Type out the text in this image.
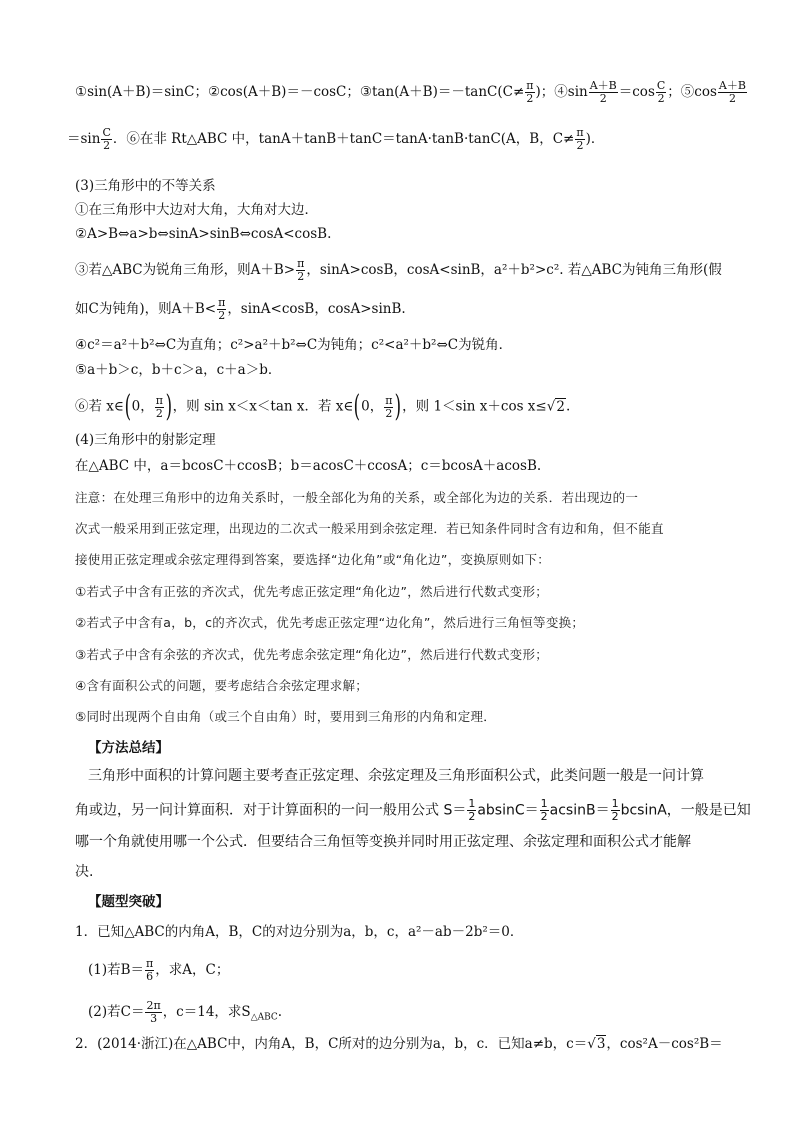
①sin(A＋B)＝sinC；②cos(A＋B)＝－cosC；③tan(A＋B)＝－tanC(C≠ $\frac{\pi}{2}$ )；④sin $\frac{A+B}{2} =\cos \frac{C}{2}$ ；⑤cos $\frac{A+B}{2}$
$=\sin \frac{C}{2}$ ．⑥在非 Rt△ABC 中，tanA＋tanB＋tanC＝tanA·tanB·tanC(A，B，$C\ne \frac{\pi}{2}$ )．
(3)三角形中的不等关系
①在三角形中大边对大角，大角对大边．
②A>B⇔a>b⇔sinA>sinB⇔cosA<cosB.
③若△ABC为锐角三角形，则$A+B> \frac{\pi}{2}$ ，sinA>cosB，cosA<sinB，a²＋b²>c². 若△ABC为钝角三角形(假
如C为钝角)，则$A+B< \frac{\pi}{2}$ ，sinA<cosB，cosA>sinB.
④c²＝a²＋b²⇔C为直角；c²>a²＋b²⇔C为钝角；c²<a²＋b²⇔C为锐角．
⑤a＋b＞c，b＋c＞a，c＋a＞b．
⑥若 x∈(0， $\frac{\pi}{2}$ )，则 sin x＜x＜tan x．若 x∈(0， $\frac{\pi}{2}$ )，则 1＜sin x＋cos x≤√2.
(4)三角形中的射影定理
在△ABC 中，a＝bcosC＋ccosB；b＝acosC＋ccosA；c＝bcosA＋acosB.
注意：在处理三角形中的边角关系时，一般全部化为角的关系，或全部化为边的关系．若出现边的一
次式一般采用到正弦定理，出现边的二次式一般采用到余弦定理．若已知条件同时含有边和角，但不能直
接使用正弦定理或余弦定理得到答案，要选择“边化角”或“角化边”，变换原则如下：
①若式子中含有正弦的齐次式，优先考虑正弦定理“角化边”，然后进行代数式变形；
②若式子中含有a，b，c的齐次式，优先考虑正弦定理“边化角”，然后进行三角恒等变换；
③若式子中含有余弦的齐次式，优先考虑余弦定理“角化边”，然后进行代数式变形；
④含有面积公式的问题，要考虑结合余弦定理求解；
⑤同时出现两个自由角（或三个自由角）时，要用到三角形的内角和定理．
【方法总结】
三角形中面积的计算问题主要考查正弦定理、余弦定理及三角形面积公式，此类问题一般是一问计算
角或边，另一问计算面积．对于计算面积的一问一般用公式 $S= \frac{1}{2} absinC= \frac{1}{2} acsinB= \frac{1}{2}$ bcsinA，一般是已知
哪一个角就使用哪一个公式．但要结合三角恒等变换并同时用正弦定理、余弦定理和面积公式才能解
决.
【题型突破】
1．已知△ABC的内角A，B，C的对边分别为a，b，c，a²－ab－2b²＝0．
(1)若$B= \frac{\pi}{6}$ ，求A，C；
(2)若$C= \frac{2\pi}{3}$ ，c＝14，求$S_{\triangle ABC}$.
2．(2014·浙江)在△ABC中，内角A，B，C所对的边分别为a，b，c．已知a≠b，c＝√3，cos²A－cos²B＝
